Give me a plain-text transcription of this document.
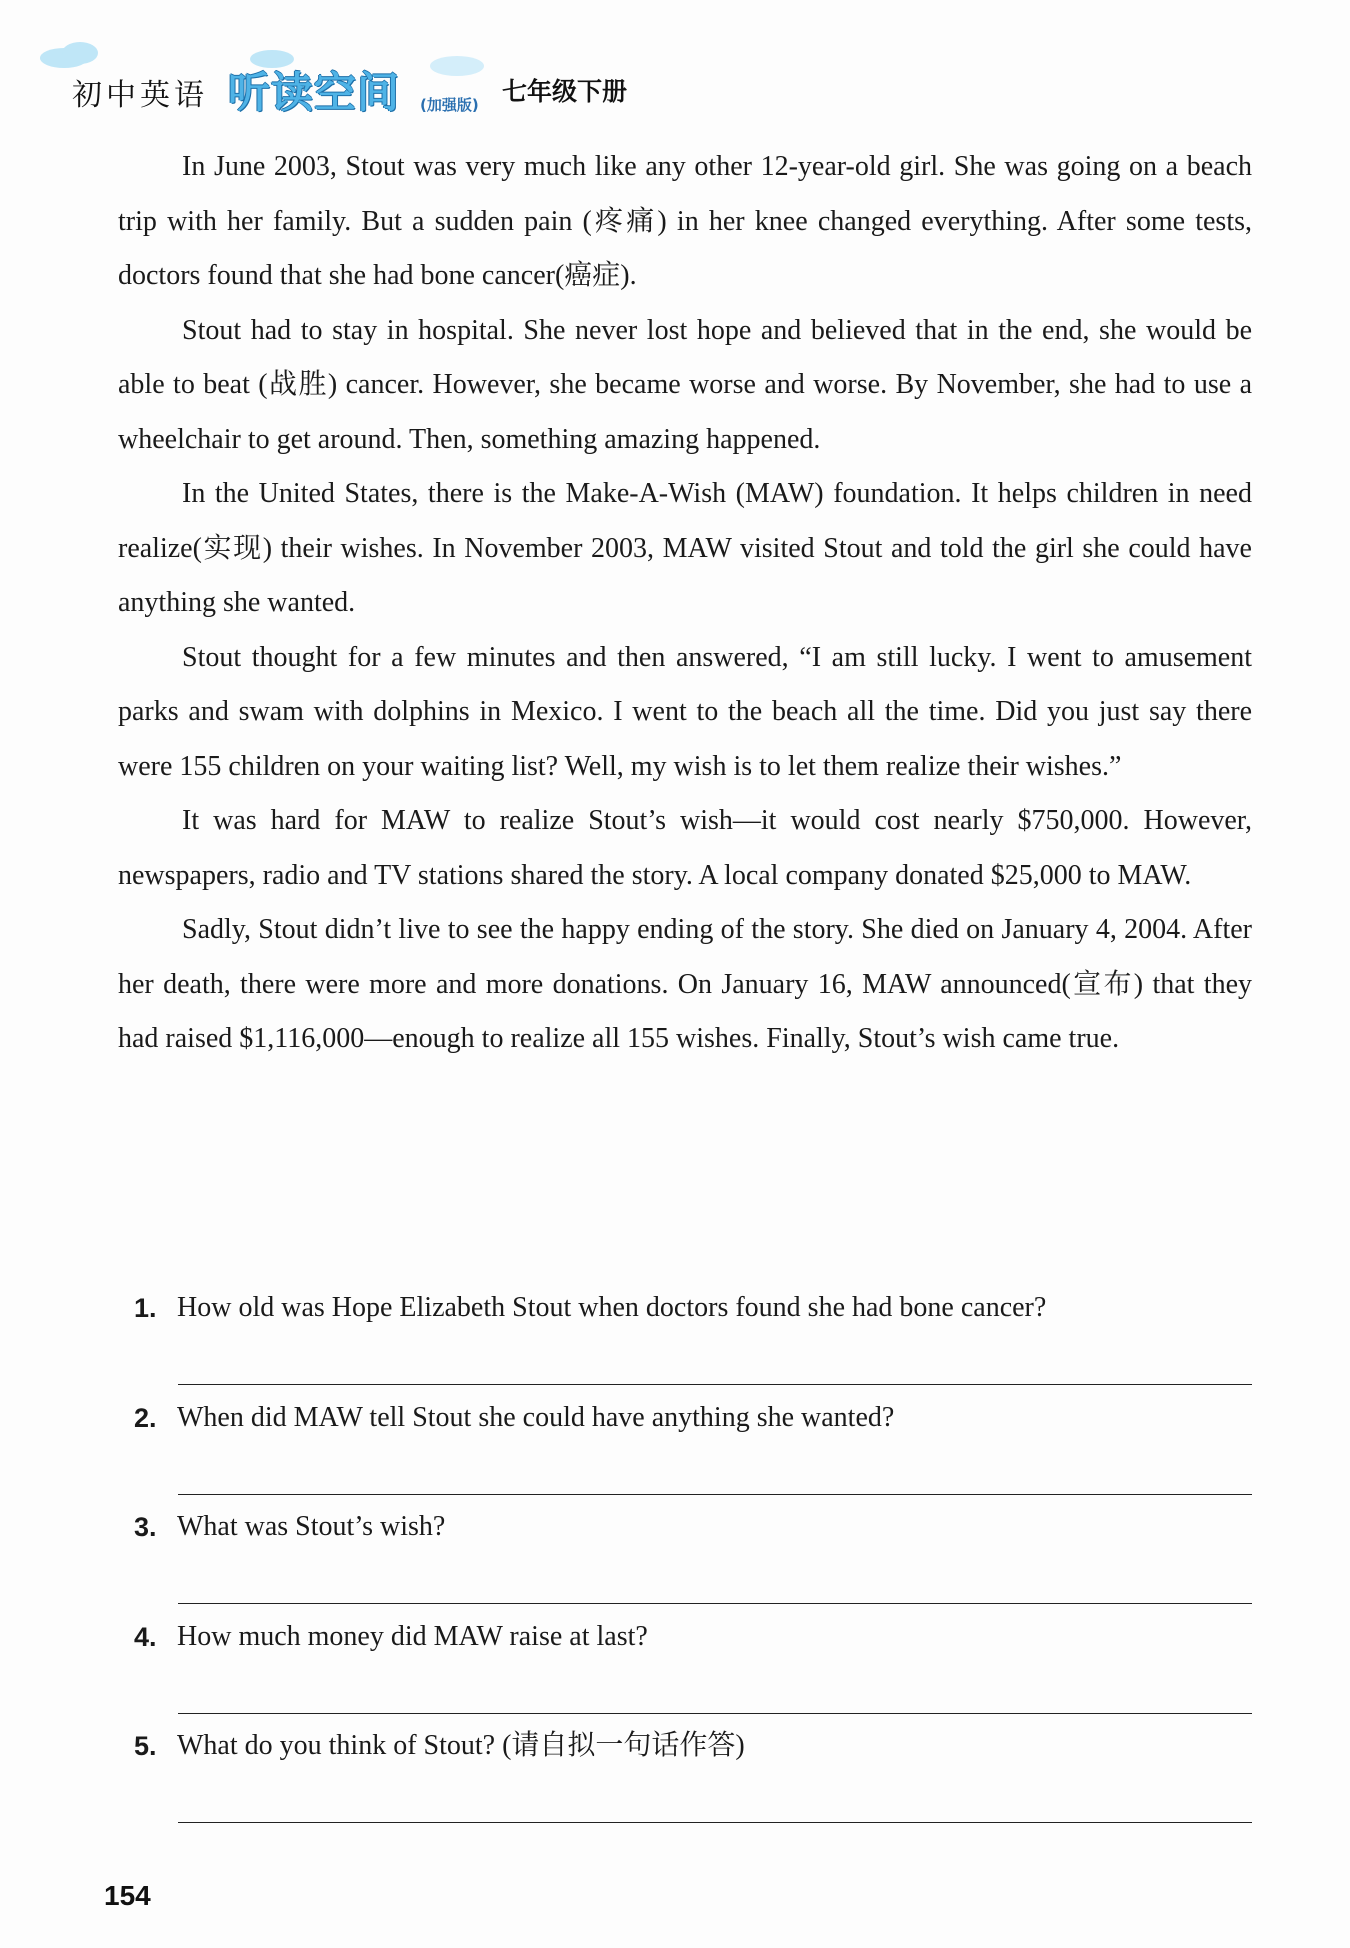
初中英语 听读空间 (加强版) 七年级下册

In June 2003, Stout was very much like any other 12-year-old girl. She was going on a beach trip with her family. But a sudden pain (疼痛) in her knee changed everything. After some tests, doctors found that she had bone cancer(癌症).

Stout had to stay in hospital. She never lost hope and believed that in the end, she would be able to beat (战胜) cancer. However, she became worse and worse. By November, she had to use a wheelchair to get around. Then, something amazing happened.

In the United States, there is the Make-A-Wish (MAW) foundation. It helps children in need realize(实现) their wishes. In November 2003, MAW visited Stout and told the girl she could have anything she wanted.

Stout thought for a few minutes and then answered, “I am still lucky. I went to amusement parks and swam with dolphins in Mexico. I went to the beach all the time. Did you just say there were 155 children on your waiting list? Well, my wish is to let them realize their wishes.”

It was hard for MAW to realize Stout’s wish—it would cost nearly $750,000. However, newspapers, radio and TV stations shared the story. A local company donated $25,000 to MAW.

Sadly, Stout didn’t live to see the happy ending of the story. She died on January 4, 2004. After her death, there were more and more donations. On January 16, MAW announced(宣布) that they had raised $1,116,000—enough to realize all 155 wishes. Finally, Stout’s wish came true.

1. How old was Hope Elizabeth Stout when doctors found she had bone cancer?
2. When did MAW tell Stout she could have anything she wanted?
3. What was Stout’s wish?
4. How much money did MAW raise at last?
5. What do you think of Stout? (请自拟一句话作答)
154
